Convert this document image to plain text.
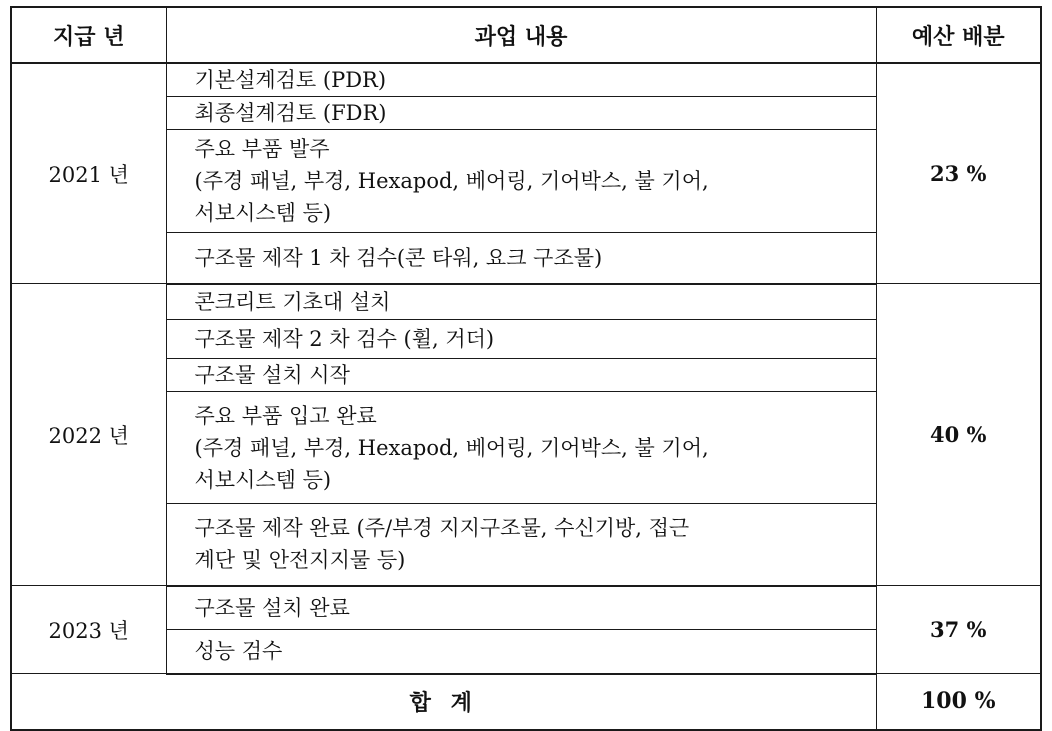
지급 년	과업 내용	예산 배분
2021 년	기본설계검토 (PDR)	23 %
	최종설계검토 (FDR)	
	주요 부품 발주
(주경 패널, 부경, Hexapod, 베어링, 기어박스, 불 기어,
서보시스템 등)	
	구조물 제작 1 차 검수(콘 타워, 요크 구조물)	
2022 년	콘크리트 기초대 설치	40 %
	구조물 제작 2 차 검수 (휠, 거더)	
	구조물 설치 시작	
	주요 부품 입고 완료
(주경 패널, 부경, Hexapod, 베어링, 기어박스, 불 기어,
서보시스템 등)	
	구조물 제작 완료 (주/부경 지지구조물, 수신기방, 접근
계단 및 안전지지물 등)	
2023 년	구조물 설치 완료	37 %
	성능 검수	
합 계		100 %
